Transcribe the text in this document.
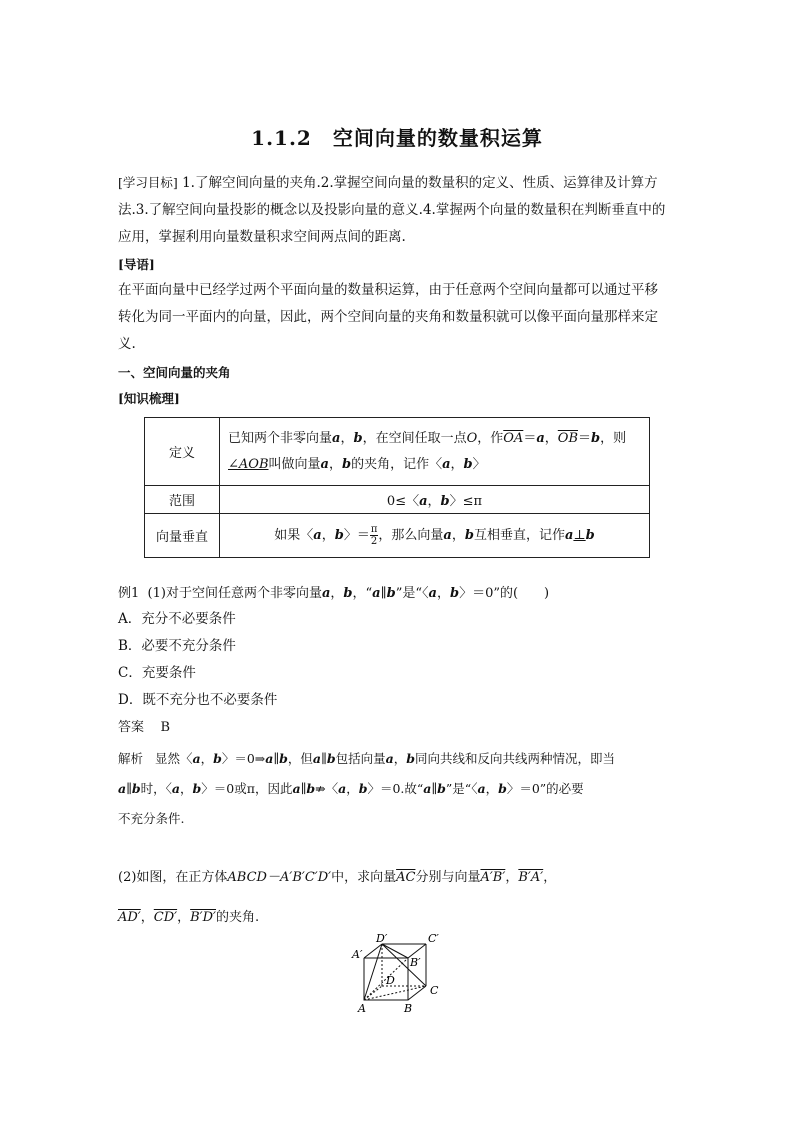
1.1.2　空间向量的数量积运算
[学习目标] 1.了解空间向量的夹角.2.掌握空间向量的数量积的定义、性质、运算律及计算方
法.3.了解空间向量投影的概念以及投影向量的意义.4.掌握两个向量的数量积在判断垂直中的
应用，掌握利用向量数量积求空间两点间的距离.
[导语]
在平面向量中已经学过两个平面向量的数量积运算，由于任意两个空间向量都可以通过平移
转化为同一平面内的向量，因此，两个空间向量的夹角和数量积就可以像平面向量那样来定
义.
一、空间向量的夹角
[知识梳理]
定义	已知两个非零向量a，b，在空间任取一点O，作$\overline{OA}=a$，$\overline{OB}=b$，则
∠AOB叫做向量a，b的夹角，记作〈a，b〉
范围	0≤〈a，b〉≤π
向量垂直	如果〈a，b〉＝ $\frac{\pi}{2}$ ，那么向量a，b互相垂直，记作a⊥b
例1 (1)对于空间任意两个非零向量a，b，“a∥b”是“〈a，b〉＝0”的(　　)
A．充分不必要条件
B．必要不充分条件
C．充要条件
D．既不充分也不必要条件
答案 B
解析 显然〈a，b〉＝0⇒a∥b，但a∥b包括向量a，b同向共线和反向共线两种情况，即当
a∥b时，〈a，b〉＝0或π，因此a∥b⇏〈a，b〉＝0.故“a∥b”是“〈a，b〉＝0”的必要
不充分条件.
(2)如图，在正方体ABCD－A′B′C′D′中，求向量$\overline{AC}$分别与向量A′B′，B′A′，
AD′，CD′，B′D′的夹角.
D′	C′
A′
B′
D
C
A	B
